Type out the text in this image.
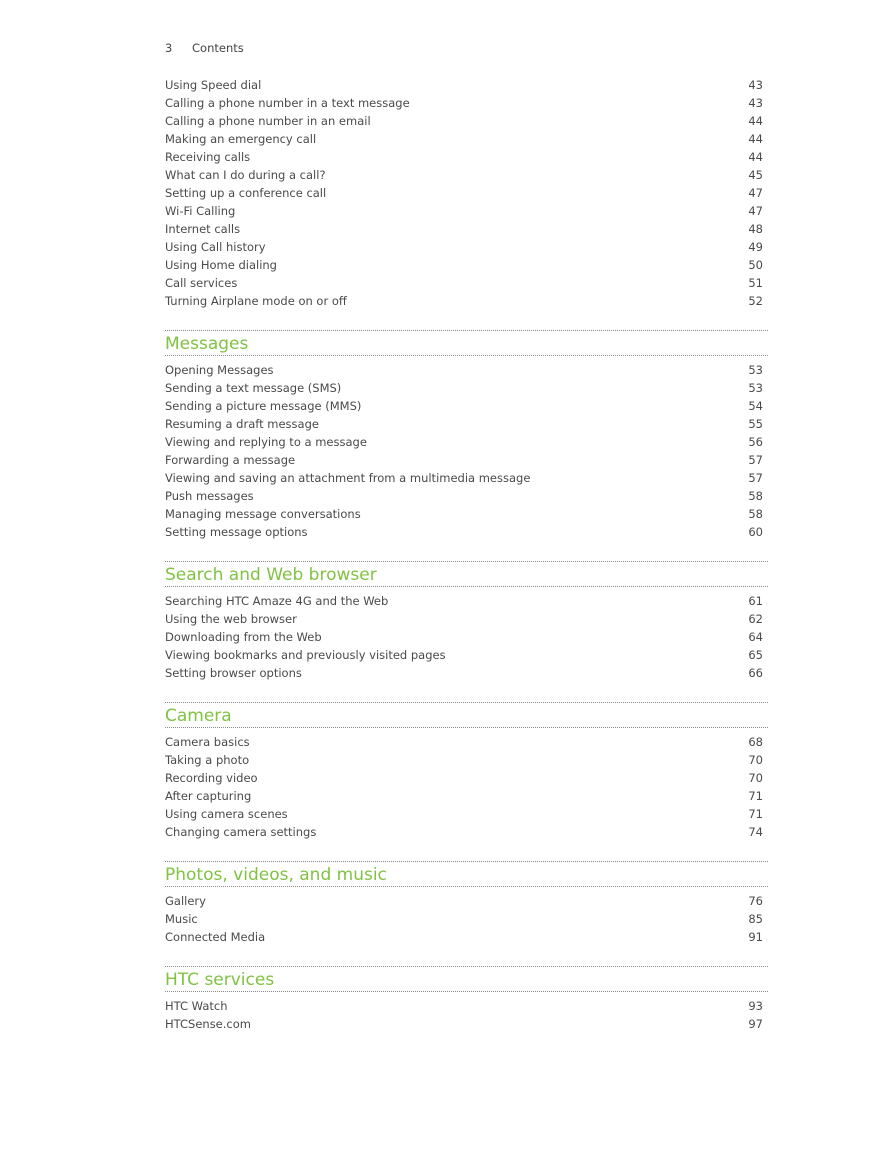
3 Contents
Using Speed dial	43
Calling a phone number in a text message	43
Calling a phone number in an email	44
Making an emergency call	44
Receiving calls	44
What can I do during a call?	45
Setting up a conference call	47
Wi-Fi Calling	47
Internet calls	48
Using Call history	49
Using Home dialing	50
Call services	51
Turning Airplane mode on or off	52
Messages
Opening Messages	53
Sending a text message (SMS)	53
Sending a picture message (MMS)	54
Resuming a draft message	55
Viewing and replying to a message	56
Forwarding a message	57
Viewing and saving an attachment from a multimedia message	57
Push messages	58
Managing message conversations	58
Setting message options	60
Search and Web browser
Searching HTC Amaze 4G and the Web	61
Using the web browser	62
Downloading from the Web	64
Viewing bookmarks and previously visited pages	65
Setting browser options	66
Camera
Camera basics	68
Taking a photo	70
Recording video	70
After capturing	71
Using camera scenes	71
Changing camera settings	74
Photos, videos, and music
Gallery	76
Music	85
Connected Media	91
HTC services
HTC Watch	93
HTCSense.com	97
